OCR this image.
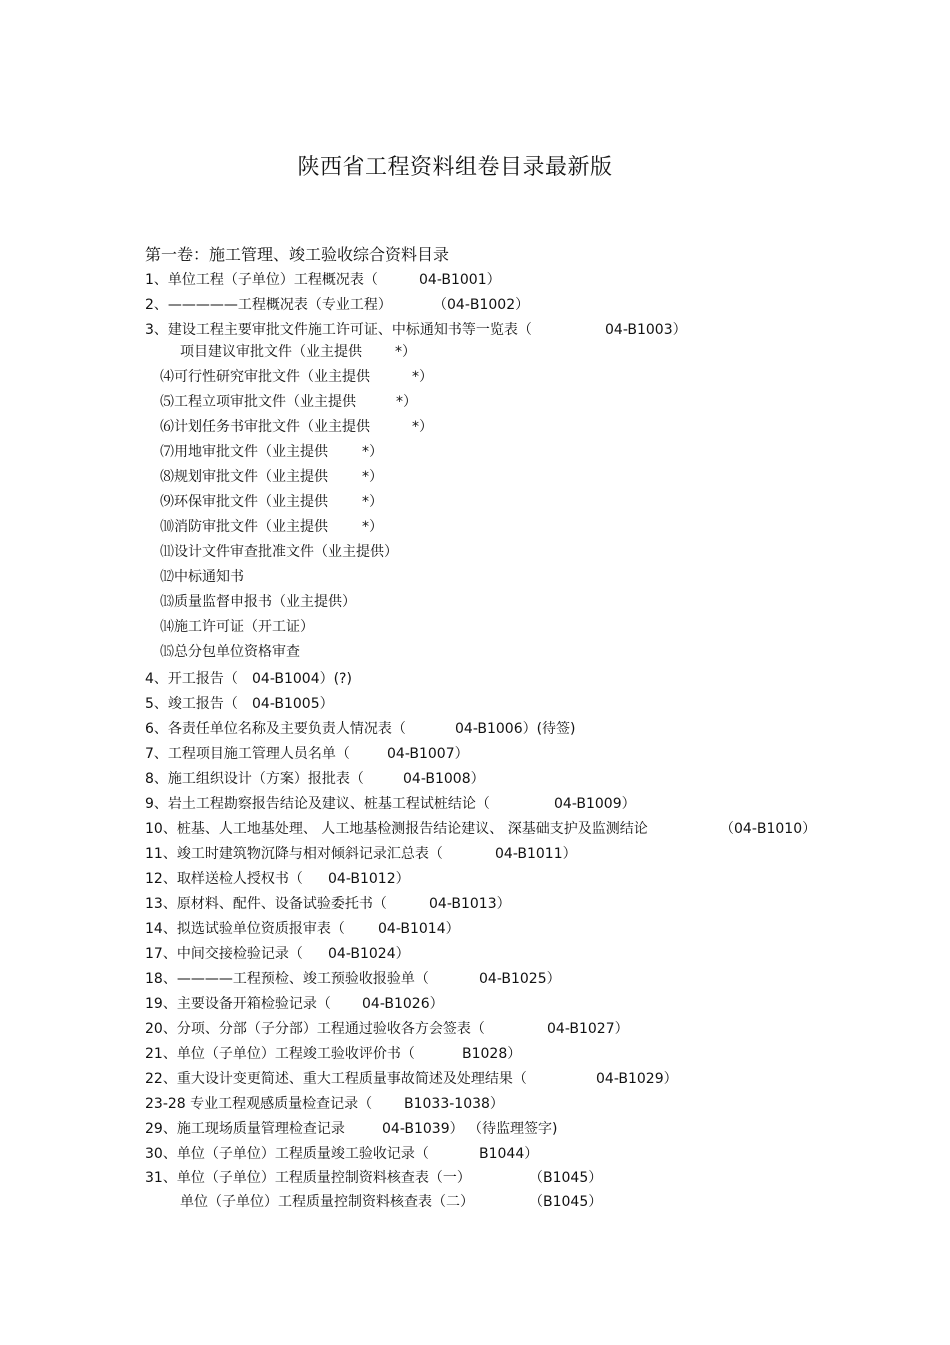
陕西省工程资料组卷目录最新版
第一卷：施工管理、竣工验收综合资料目录
1、单位工程（子单位）工程概况表（	04-B1001）
2、—————工程概况表（专业工程）	（04-B1002）
3、建设工程主要审批文件施工许可证、中标通知书等一览表（	04-B1003）
项目建议审批文件（业主提供 *）
⑷可行性研究审批文件（业主提供	*）
⑸工程立项审批文件（业主提供	*）
⑹计划任务书审批文件（业主提供	*）
⑺用地审批文件（业主提供 *）
⑻规划审批文件（业主提供 *）
⑼环保审批文件（业主提供 *）
⑽消防审批文件（业主提供 *）
⑾设计文件审查批准文件（业主提供）
⑿中标通知书
⒀质量监督申报书（业主提供）
⒁施工许可证（开工证）
⒂总分包单位资格审查
4、开工报告（ 04-B1004）(?)
5、竣工报告（ 04-B1005）
6、各责任单位名称及主要负责人情况表（	04-B1006）(待签)
7、工程项目施工管理人员名单（	04-B1007）
8、施工组织设计（方案）报批表（	04-B1008）
9、岩土工程勘察报告结论及建议、桩基工程试桩结论（	04-B1009）
10、桩基、人工地基处理、 人工地基检测报告结论建议、 深基础支护及监测结论	（04-B1010）
11、竣工时建筑物沉降与相对倾斜记录汇总表（	04-B1011）
12、取样送检人授权书（ 04-B1012）
13、原材料、配件、设备试验委托书（	04-B1013）
14、拟选试验单位资质报审表（ 04-B1014）
17、中间交接检验记录（ 04-B1024）
18、————工程预检、竣工预验收报验单（	04-B1025）
19、主要设备开箱检验记录（ 04-B1026）
20、分项、分部（子分部）工程通过验收各方会签表（	04-B1027）
21、单位（子单位）工程竣工验收评价书（	B1028）
22、重大设计变更简述、重大工程质量事故简述及处理结果（	04-B1029）
23-28 专业工程观感质量检查记录（ B1033-1038）
29、施工现场质量管理检查记录	04-B1039） （待监理签字)
30、单位（子单位）工程质量竣工验收记录（	B1044）
31、单位（子单位）工程质量控制资料核查表（一）	（B1045）
单位（子单位）工程质量控制资料核查表（二）	（B1045）
